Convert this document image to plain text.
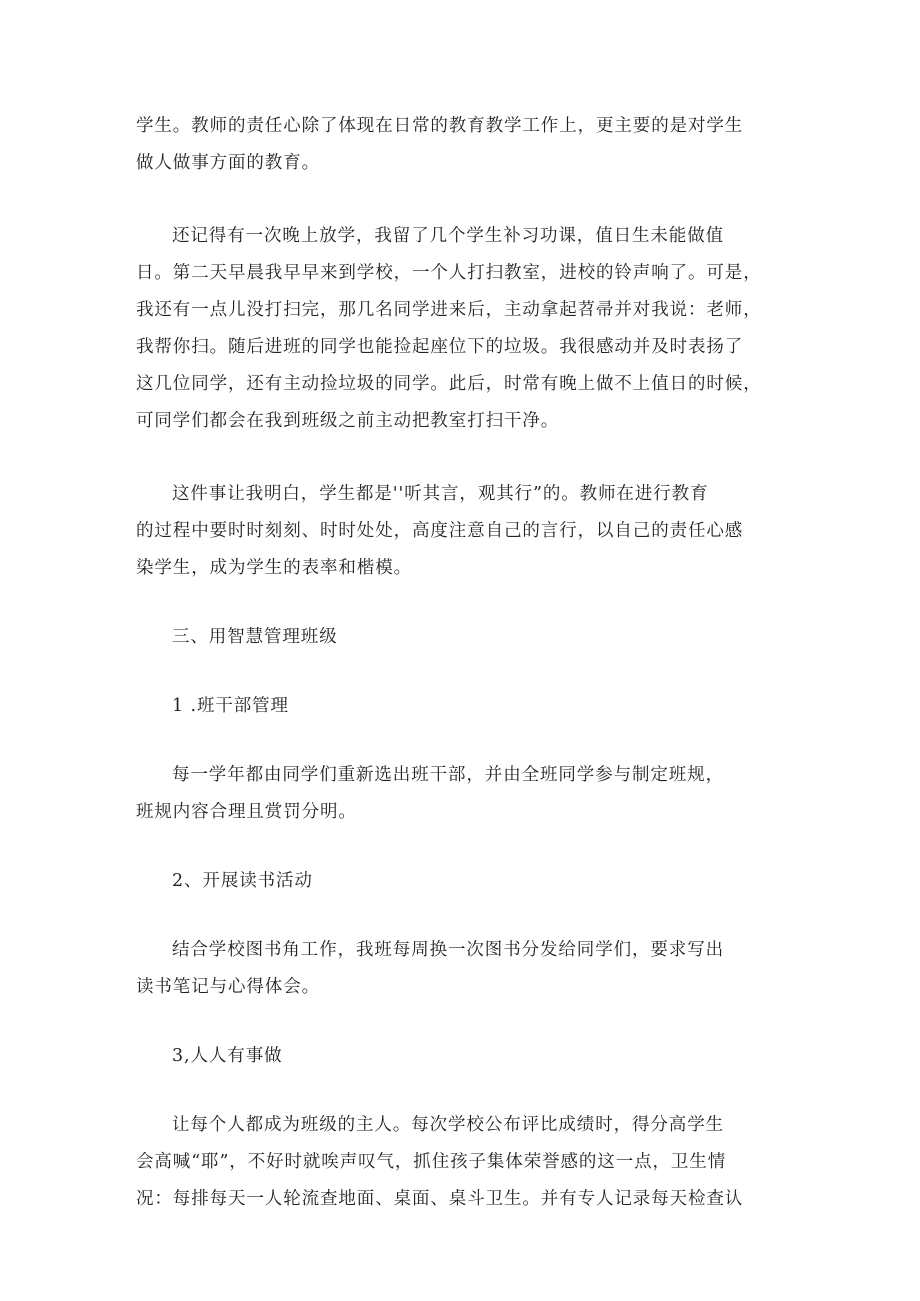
学生。教师的责任心除了体现在日常的教育教学工作上，更主要的是对学生
做人做事方面的教育。
还记得有一次晚上放学，我留了几个学生补习功课，值日生未能做值
日。第二天早晨我早早来到学校，一个人打扫教室，进校的铃声响了。可是，
我还有一点儿没打扫完，那几名同学进来后，主动拿起苕帚并对我说：老师，
我帮你扫。随后进班的同学也能捡起座位下的垃圾。我很感动并及时表扬了
这几位同学，还有主动捡垃圾的同学。此后，时常有晚上做不上值日的时候，
可同学们都会在我到班级之前主动把教室打扫干净。
这件事让我明白，学生都是''听其言，观其行”的。教师在进行教育
的过程中要时时刻刻、时时处处，高度注意自己的言行，以自己的责任心感
染学生，成为学生的表率和楷模。
三、用智慧管理班级
1 .班干部管理
每一学年都由同学们重新选出班干部，并由全班同学参与制定班规，
班规内容合理且赏罚分明。
2、开展读书活动
结合学校图书角工作，我班每周换一次图书分发给同学们，要求写出
读书笔记与心得体会。
3,人人有事做
让每个人都成为班级的主人。每次学校公布评比成绩时，得分高学生
会高喊“耶”，不好时就唉声叹气，抓住孩子集体荣誉感的这一点，卫生情
况：每排每天一人轮流查地面、桌面、桌斗卫生。并有专人记录每天检查认
